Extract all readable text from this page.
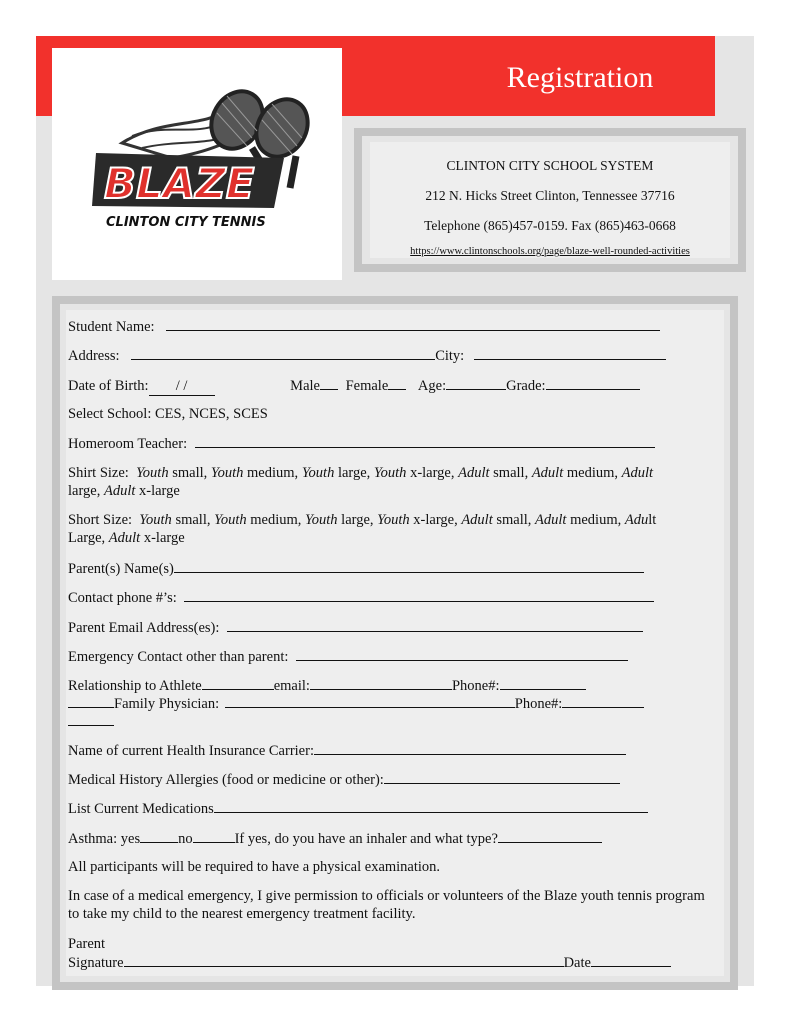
Registration
BLAZE
CLINTON CITY TENNIS
CLINTON CITY SCHOOL SYSTEM
212 N. Hicks Street Clinton, Tennessee 37716
Telephone (865)457-0159. Fax (865)463-0668
https://www.clintonschools.org/page/blaze-well-rounded-activities
Student Name:
Address:	City:
Date of Birth: / /	Male Female Age:	Grade:
Select School: CES, NCES, SCES
Homeroom Teacher:
Shirt Size: Youth small, Youth medium, Youth large, Youth x-large, Adult small, Adult medium, Adult large, Adult x-large
Short Size: Youth small, Youth medium, Youth large, Youth x-large, Adult small, Adult medium, Adult Large, Adult x-large
Parent(s) Name(s)
Contact phone #’s:
Parent Email Address(es):
Emergency Contact other than parent:
Relationship to Athlete	email:	Phone#:
Family Physician:	Phone#:
Name of current Health Insurance Carrier:
Medical History Allergies (food or medicine or other):
List Current Medications
Asthma: yes	no	If yes, do you have an inhaler and what type?
All participants will be required to have a physical examination.
In case of a medical emergency, I give permission to officials or volunteers of the Blaze youth tennis program to take my child to the nearest emergency treatment facility.
Parent
Signature	Date
